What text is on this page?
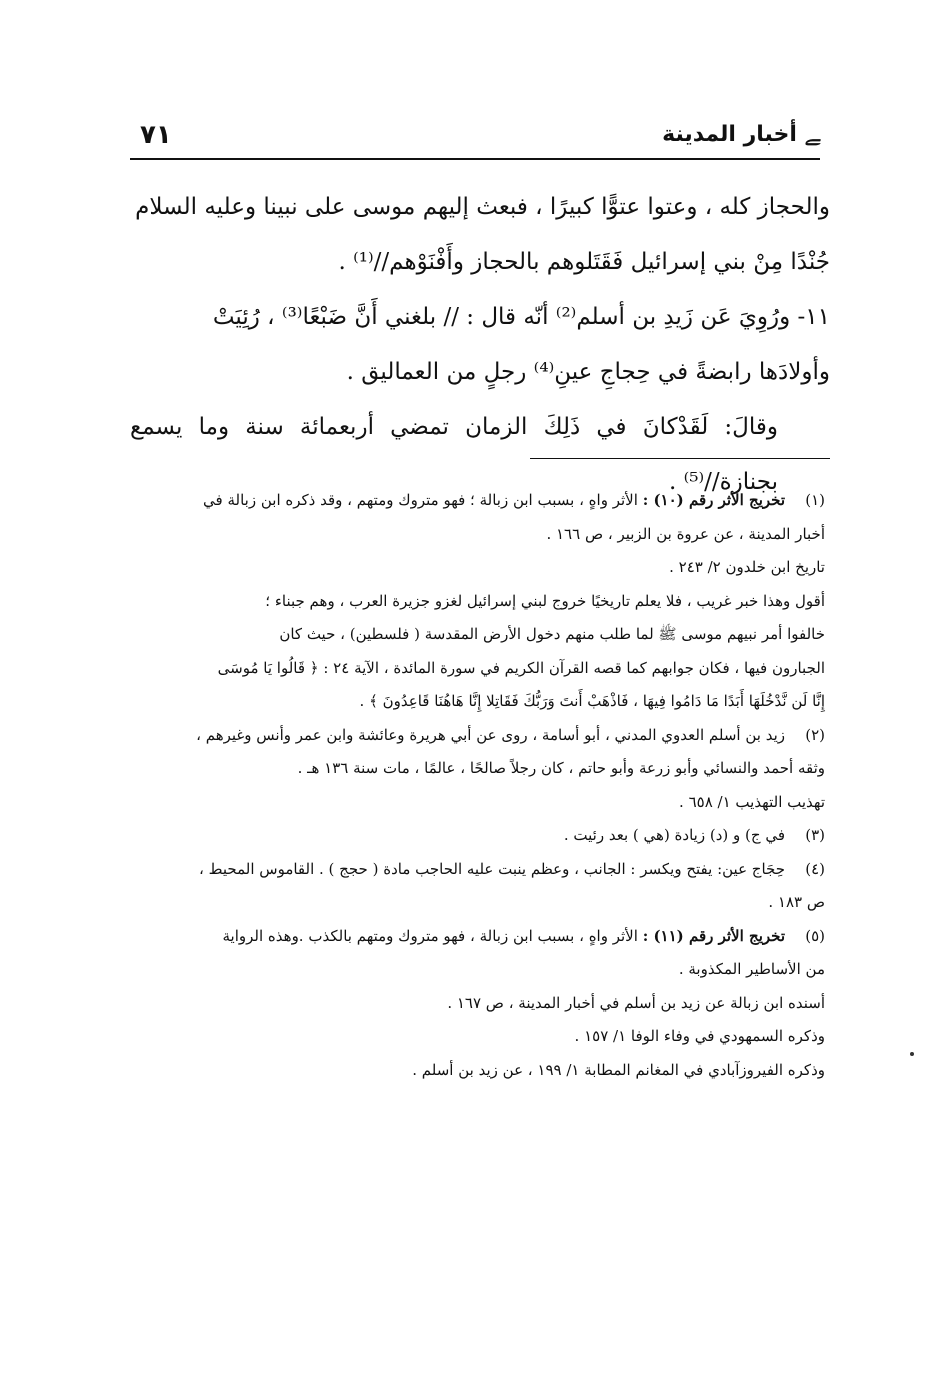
ﮯ أخبار المدينة
٧١

والحجاز كله ، وعتوا عتوًّا كبيرًا ، فبعث إليهم موسى على نبينا وعليه السلام

جُنْدًا مِنْ بني إسرائيل فَقَتَلوهم بالحجاز وأَفْنَوْهم//⁽¹⁾ .

١١- ورُوِيَ عَن زَيدِ بن أسلم⁽²⁾ أنّه قال : // بلغني أَنَّ ضَبْعًا⁽³⁾ ، رُئِيَتْ

وأولادَها رابضةً في حِجاجِ عينِ⁽⁴⁾ رجلٍ من العماليق .

وقالَ: لَقَدْكانَ في ذَلِكَ الزمان تمضي أربعمائة سنة وما يسمع بجنازة//⁽⁵⁾ .

(١)تخريج الأثر رقم (١٠) : الأثر واهٍ ، بسبب ابن زبالة ؛ فهو متروك ومتهم ، وقد ذكره ابن زبالة في

أخبار المدينة ، عن عروة بن الزبير ، ص ١٦٦ .

تاريخ ابن خلدون ٢/ ٢٤٣ .

أقول وهذا خبر غريب ، فلا يعلم تاريخيًا خروج لبني إسرائيل لغزو جزيرة العرب ، وهم جبناء ؛

خالفوا أمر نبيهم موسى ﷺ لما طلب منهم دخول الأرض المقدسة ( فلسطين) ، حيث كان

الجبارون فيها ، فكان جوابهم كما قصه القرآن الكريم في سورة المائدة ، الآية ٢٤ : ﴿ قَالُوا يَا مُوسَى

إِنَّا لَن نَّدْخُلَهَا أَبَدًا مَا دَامُوا فِيهَا ، فَاذْهَبْ أَنتَ وَرَبُّكَ فَقَاتِلا إِنَّا هَاهُنَا قَاعِدُونَ ﴾ .

(٢)زيد بن أسلم العدوي المدني ، أبو أسامة ، روى عن أبي هريرة وعائشة وابن عمر وأنس وغيرهم ،

وثقه أحمد والنسائي وأبو زرعة وأبو حاتم ، كان رجلاً صالحًا ، عالمًا ، مات سنة ١٣٦ هـ .

تهذيب التهذيب ١/ ٦٥٨ .

(٣)في ج) و (د) زيادة (هي ) بعد رئيت .

(٤)حِجَاج عين: يفتح ويكسر : الجانب ، وعظم ينبت عليه الحاجب مادة ( حجج ) . القاموس المحيط ،

ص ١٨٣ .

(٥)تخريج الأثر رقم (١١) : الأثر واهٍ ، بسبب ابن زبالة ، فهو متروك ومتهم بالكذب .وهذه الرواية

من الأساطير المكذوبة .

أسنده ابن زبالة عن زيد بن أسلم في أخبار المدينة ، ص ١٦٧ .

وذكره السمهودي في وفاء الوفا ١/ ١٥٧ .

وذكره الفيروزآبادي في المغانم المطابة ١/ ١٩٩ ، عن زيد بن أسلم .
